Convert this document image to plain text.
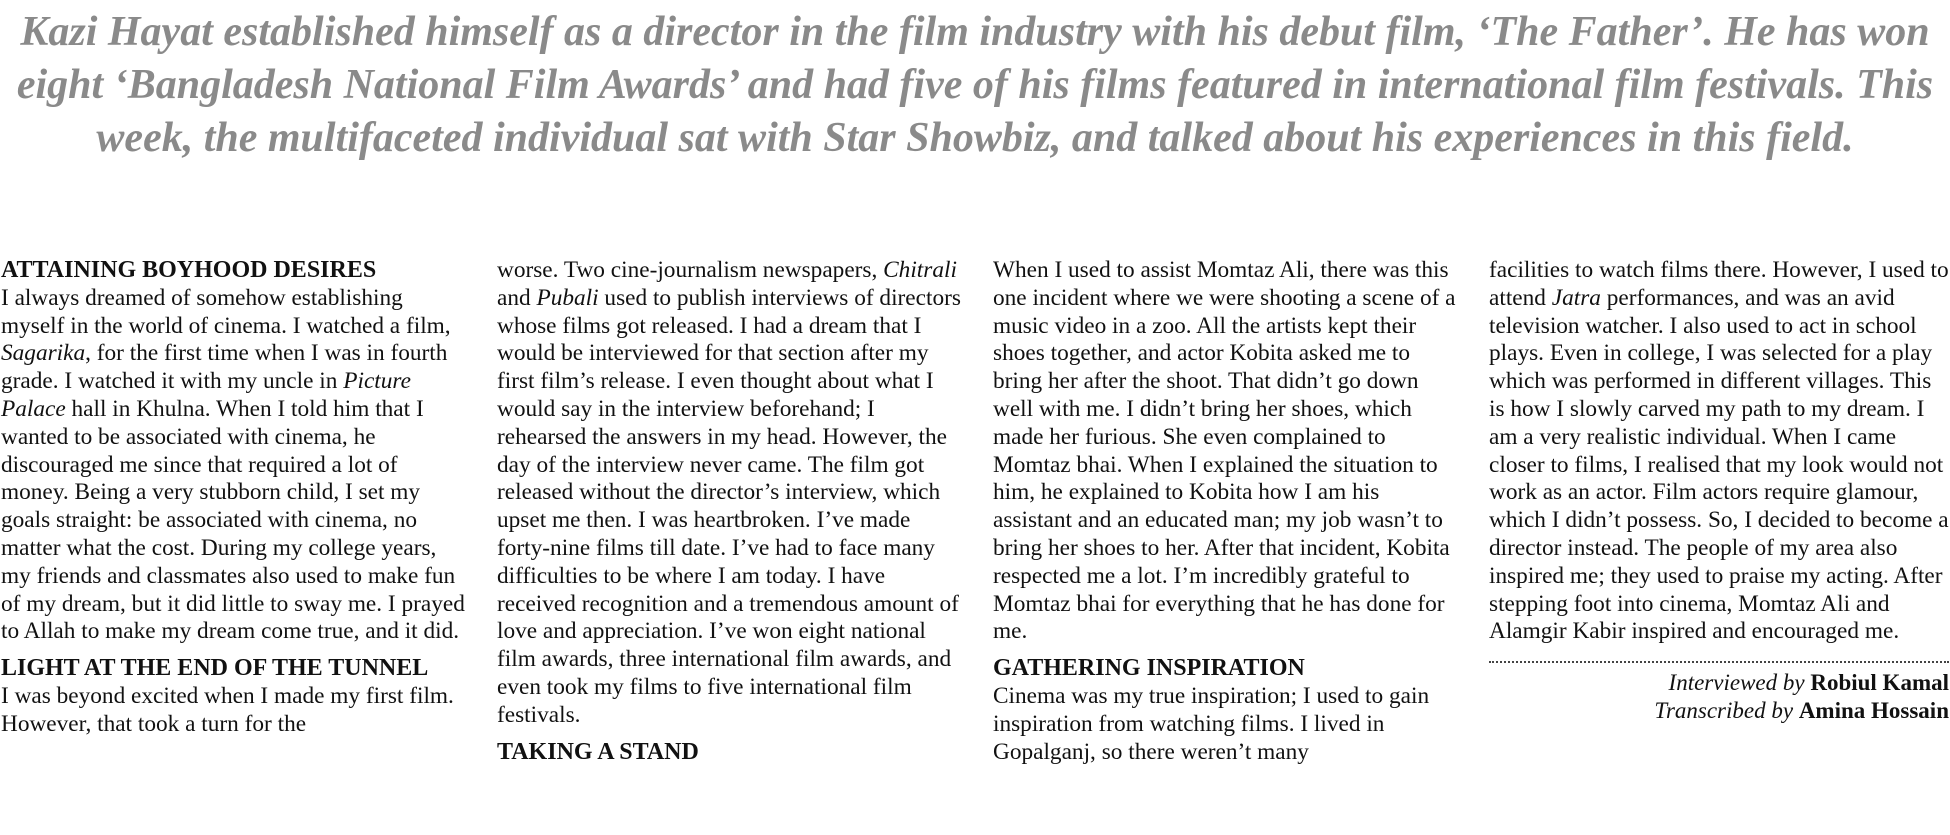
Kazi Hayat established himself as a director in the film industry with his debut film, ‘The Father’. He has won eight ‘Bangladesh National Film Awards’ and had five of his films featured in international film festivals. This week, the multifaceted individual sat with Star Showbiz, and talked about his experiences in this field.

ATTAINING BOYHOOD DESIRES

I always dreamed of somehow establishing myself in the world of cinema. I watched a film, Sagarika, for the first time when I was in fourth grade. I watched it with my uncle in Picture Palace hall in Khulna. When I told him that I wanted to be associated with cinema, he discouraged me since that required a lot of money. Being a very stubborn child, I set my goals straight: be associated with cinema, no matter what the cost. During my college years, my friends and classmates also used to make fun of my dream, but it did little to sway me. I prayed to Allah to make my dream come true, and it did.

LIGHT AT THE END OF THE TUNNEL

I was beyond excited when I made my first film. However, that took a turn for the

worse. Two cine-journalism newspapers, Chitrali and Pubali used to publish interviews of directors whose films got released. I had a dream that I would be interviewed for that section after my first film’s release. I even thought about what I would say in the interview beforehand; I rehearsed the answers in my head. However, the day of the interview never came. The film got released without the director’s interview, which upset me then. I was heartbroken. I’ve made forty-nine films till date. I’ve had to face many difficulties to be where I am today. I have received recognition and a tremendous amount of love and appreciation. I’ve won eight national film awards, three international film awards, and even took my films to five international film festivals.

TAKING A STAND

When I used to assist Momtaz Ali, there was this one incident where we were shooting a scene of a music video in a zoo. All the artists kept their shoes together, and actor Kobita asked me to bring her after the shoot. That didn’t go down well with me. I didn’t bring her shoes, which made her furious. She even complained to Momtaz bhai. When I explained the situation to him, he explained to Kobita how I am his assistant and an educated man; my job wasn’t to bring her shoes to her. After that incident, Kobita respected me a lot. I’m incredibly grateful to Momtaz bhai for everything that he has done for me.

GATHERING INSPIRATION

Cinema was my true inspiration; I used to gain inspiration from watching films. I lived in Gopalganj, so there weren’t many

facilities to watch films there. However, I used to attend Jatra performances, and was an avid television watcher. I also used to act in school plays. Even in college, I was selected for a play which was performed in different villages. This is how I slowly carved my path to my dream. I am a very realistic individual. When I came closer to films, I realised that my look would not work as an actor. Film actors require glamour, which I didn’t possess. So, I decided to become a director instead. The people of my area also inspired me; they used to praise my acting. After stepping foot into cinema, Momtaz Ali and Alamgir Kabir inspired and encouraged me.

Interviewed by Robiul Kamal

Transcribed by Amina Hossain
